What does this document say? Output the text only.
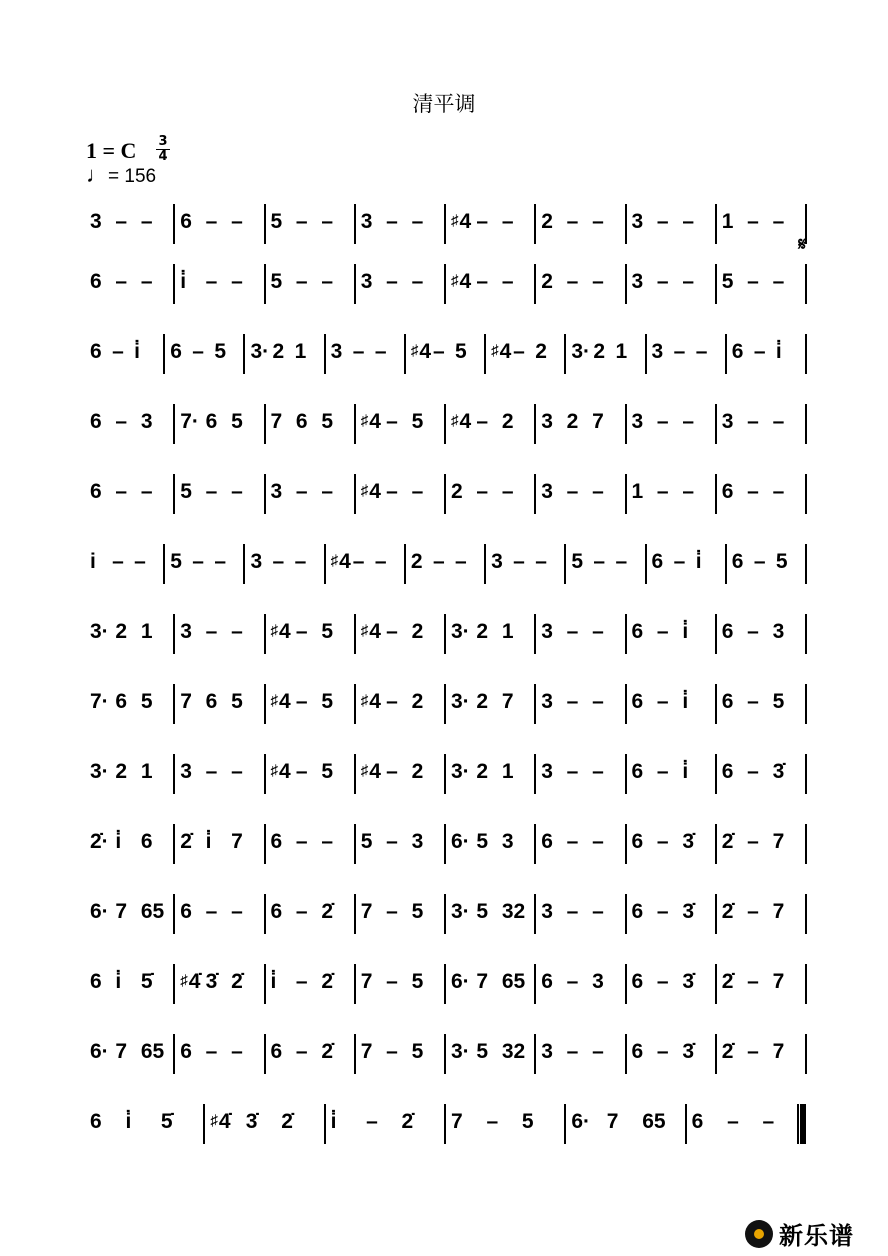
清平调
1 = C	3
4
♩= 156
3 – – 6 – – 5 – – 3 – – ♯4 – – 2 – – 3 – – 1 – –
6 – – i̇ – – 5 – – 3 – – ♯4 – – 2 – – 3 – – 5 – –
𝄋
6 – i̇ 6 – 5 3· 2 1 3 – – ♯4 – 5 ♯4 – 2 3· 2 1 3 – – 6 – i̇
6 – 3 7· 6 5 7 6 5 ♯4 – 5 ♯4 – 2 3 2 7 3 – – 3 – –
6 – – 5 – – 3 – – ♯4 – – 2 – – 3 – – 1 – – 6 – –
i – – 5 – – 3 – – ♯4 – – 2 – – 3 – – 5 – – 6 – i̇ 6 – 5
3· 2 1 3 – – ♯4 – 5 ♯4 – 2 3· 2 1 3 – – 6 – i̇ 6 – 3
7· 6 5 7 6 5 ♯4 – 5 ♯4 – 2 3· 2 7 3 – – 6 – i̇ 6 – 5
3· 2 1 3 – – ♯4 – 5 ♯4 – 2 3· 2 1 3 – – 6 – i̇ 6 – 3̇
2̇· i̇ 6 2̇ i̇ 7 6 – – 5 – 3 6· 5 3 6 – – 6 – 3̇ 2̇ – 7
6· 7 65 6 – – 6 – 2̇ 7 – 5 3· 5 32 3 – – 6 – 3̇ 2̇ – 7
6 i̇ 5̇ ♯4̇ 3̇ 2̇ i̇ – 2̇ 7 – 5 6· 7 65 6 – 3 6 – 3̇ 2̇ – 7
6· 7 65 6 – – 6 – 2̇ 7 – 5 3· 5 32 3 – – 6 – 3̇ 2̇ – 7
6 i̇ 5̇	♯4̇ 3̇ 2̇ i̇ – 2̇ 7 – 5 6· 7 65 6 – –
新乐谱
